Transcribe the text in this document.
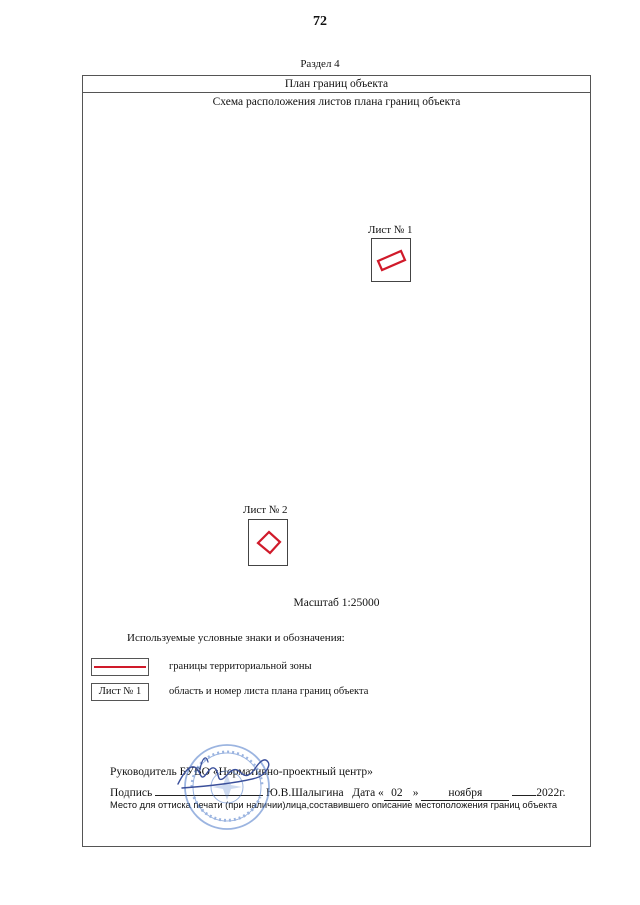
72
Раздел 4
План границ объекта
Схема расположения листов плана границ объекта
Лист № 1
Лист № 2
Масштаб 1:25000
Используемые условные знаки и обозначения:
границы территориальной зоны
Лист № 1	область и номер листа плана границ объекта
Руководитель БУВО «Нормативно-проектный центр»
Подпись	Ю.В.Шалыгина Дата « 02 »	ноября	2022г.
Место для оттиска печати (при наличии)лица,составившего описание местоположения границ объекта
